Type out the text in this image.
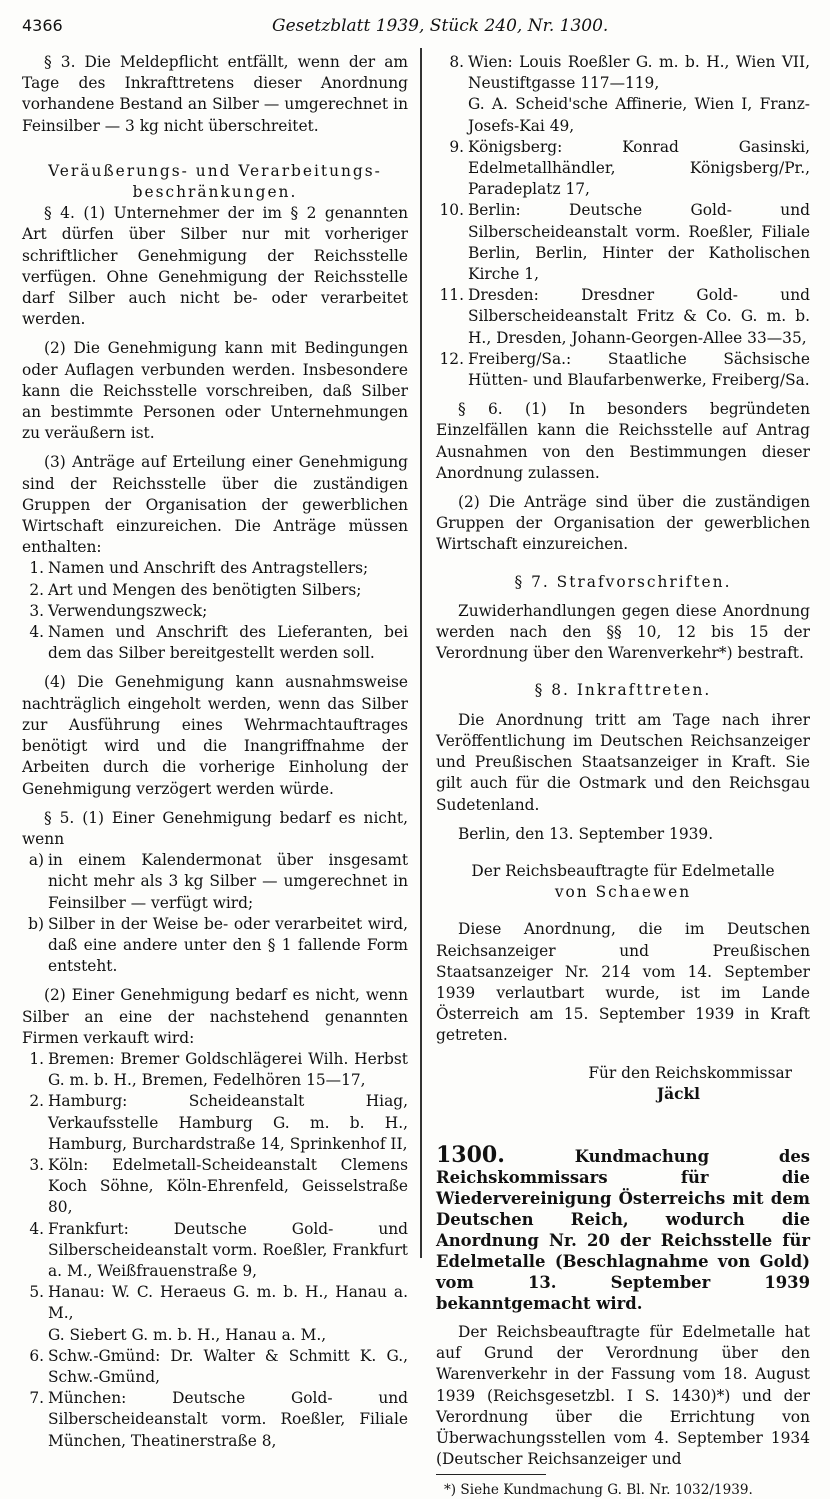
4366	Gesetzblatt 1939, Stück 240, Nr. 1300.

§ 3. Die Meldepflicht entfällt, wenn der am Tage des Inkrafttretens dieser Anordnung vorhandene Bestand an Silber — umgerechnet in Feinsilber — 3 kg nicht überschreitet.

Veräußerungs- und Verarbeitungs-

beschränkungen.

§ 4. (1) Unternehmer der im § 2 genannten Art dürfen über Silber nur mit vorheriger schriftlicher Genehmigung der Reichsstelle verfügen. Ohne Genehmigung der Reichsstelle darf Silber auch nicht be- oder verarbeitet werden.

(2) Die Genehmigung kann mit Bedingungen oder Auflagen verbunden werden. Insbesondere kann die Reichsstelle vorschreiben, daß Silber an bestimmte Personen oder Unternehmungen zu veräußern ist.

(3) Anträge auf Erteilung einer Genehmigung sind der Reichsstelle über die zuständigen Gruppen der Organisation der gewerblichen Wirtschaft einzureichen. Die Anträge müssen enthalten:

1. Namen und Anschrift des Antragstellers;
2. Art und Mengen des benötigten Silbers;
3. Verwendungszweck;
4. Namen und Anschrift des Lieferanten, bei dem das Silber bereitgestellt werden soll.

(4) Die Genehmigung kann ausnahmsweise nachträglich eingeholt werden, wenn das Silber zur Ausführung eines Wehrmachtauftrages benötigt wird und die Inangriffnahme der Arbeiten durch die vorherige Einholung der Genehmigung verzögert werden würde.

§ 5. (1) Einer Genehmigung bedarf es nicht, wenn

a) in einem Kalendermonat über insgesamt nicht mehr als 3 kg Silber — umgerechnet in Feinsilber — verfügt wird;
b) Silber in der Weise be- oder verarbeitet wird, daß eine andere unter den § 1 fallende Form entsteht.

(2) Einer Genehmigung bedarf es nicht, wenn Silber an eine der nachstehend genannten Firmen verkauft wird:

1. Bremen: Bremer Goldschlägerei Wilh. Herbst G. m. b. H., Bremen, Fedelhören 15—17,
2. Hamburg: Scheideanstalt Hiag, Verkaufsstelle Hamburg G. m. b. H., Hamburg, Burchardstraße 14, Sprinkenhof II,
3. Köln: Edelmetall-Scheideanstalt Clemens Koch Söhne, Köln-Ehrenfeld, Geisselstraße 80,
4. Frankfurt: Deutsche Gold- und Silberscheideanstalt vorm. Roeßler, Frankfurt a. M., Weißfrauenstraße 9,
5. Hanau: W. C. Heraeus G. m. b. H., Hanau a. M.,

G. Siebert G. m. b. H., Hanau a. M.,

6. Schw.-Gmünd: Dr. Walter & Schmitt K. G., Schw.-Gmünd,
7. München: Deutsche Gold- und Silberscheideanstalt vorm. Roeßler, Filiale München, Theatinerstraße 8,
8. Wien: Louis Roeßler G. m. b. H., Wien VII, Neustiftgasse 117—119,

G. A. Scheid'sche Affinerie, Wien I, Franz-Josefs-Kai 49,

9. Königsberg: Konrad Gasinski, Edelmetallhändler, Königsberg/Pr., Paradeplatz 17,
10. Berlin: Deutsche Gold- und Silberscheideanstalt vorm. Roeßler, Filiale Berlin, Berlin, Hinter der Katholischen Kirche 1,
11. Dresden: Dresdner Gold- und Silberscheideanstalt Fritz & Co. G. m. b. H., Dresden, Johann-Georgen-Allee 33—35,
12. Freiberg/Sa.: Staatliche Sächsische Hütten- und Blaufarbenwerke, Freiberg/Sa.

§ 6. (1) In besonders begründeten Einzelfällen kann die Reichsstelle auf Antrag Ausnahmen von den Bestimmungen dieser Anordnung zulassen.

(2) Die Anträge sind über die zuständigen Gruppen der Organisation der gewerblichen Wirtschaft einzureichen.

§ 7. Strafvorschriften.

Zuwiderhandlungen gegen diese Anordnung werden nach den §§ 10, 12 bis 15 der Verordnung über den Warenverkehr*) bestraft.

§ 8. Inkrafttreten.

Die Anordnung tritt am Tage nach ihrer Veröffentlichung im Deutschen Reichsanzeiger und Preußischen Staatsanzeiger in Kraft. Sie gilt auch für die Ostmark und den Reichsgau Sudetenland.

Berlin, den 13. September 1939.

Der Reichsbeauftragte für Edelmetalle

von Schaewen

Diese Anordnung, die im Deutschen Reichsanzeiger und Preußischen Staatsanzeiger Nr. 214 vom 14. September 1939 verlautbart wurde, ist im Lande Österreich am 15. September 1939 in Kraft getreten.

Für den Reichskommissar

Jäckl

1300.	Kundmachung des Reichskommissars für die Wiedervereinigung Österreichs mit dem Deutschen Reich, wodurch die Anordnung Nr. 20 der Reichsstelle für Edelmetalle (Beschlagnahme von Gold) vom 13. September 1939 bekanntgemacht wird.

Der Reichsbeauftragte für Edelmetalle hat auf Grund der Verordnung über den Warenverkehr in der Fassung vom 18. August 1939 (Reichsgesetzbl. I S. 1430)*) und der Verordnung über die Errichtung von Überwachungsstellen vom 4. September 1934 (Deutscher Reichsanzeiger und

*) Siehe Kundmachung G. Bl. Nr. 1032/1939.
